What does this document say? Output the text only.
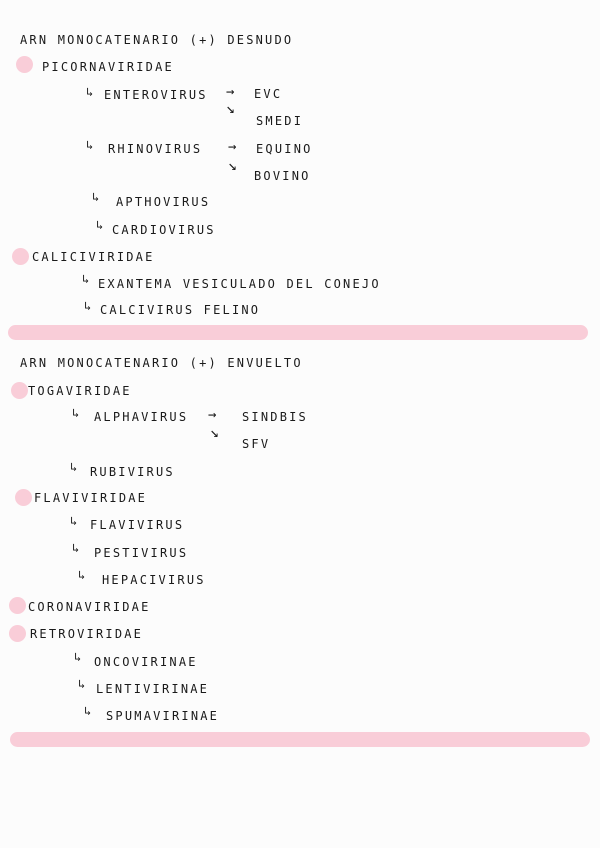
ARN MONOCATENARIO (+) DESNUDO
PICORNAVIRIDAE
↳ ENTEROVIRUS → EVC
↘
SMEDI
↳ RHINOVIRUS → EQUINO
↘
BOVINO
↳ APTHOVIRUS
↳ CARDIOVIRUS
CALICIVIRIDAE
↳ EXANTEMA VESICULADO DEL CONEJO
↳ CALCIVIRUS FELINO
ARN MONOCATENARIO (+) ENVUELTO
TOGAVIRIDAE
↳ ALPHAVIRUS → SINDBIS
↘
SFV
↳ RUBIVIRUS
FLAVIVIRIDAE
↳ FLAVIVIRUS
↳ PESTIVIRUS
↳ HEPACIVIRUS
CORONAVIRIDAE
RETROVIRIDAE
↳ ONCOVIRINAE
↳ LENTIVIRINAE
↳ SPUMAVIRINAE
